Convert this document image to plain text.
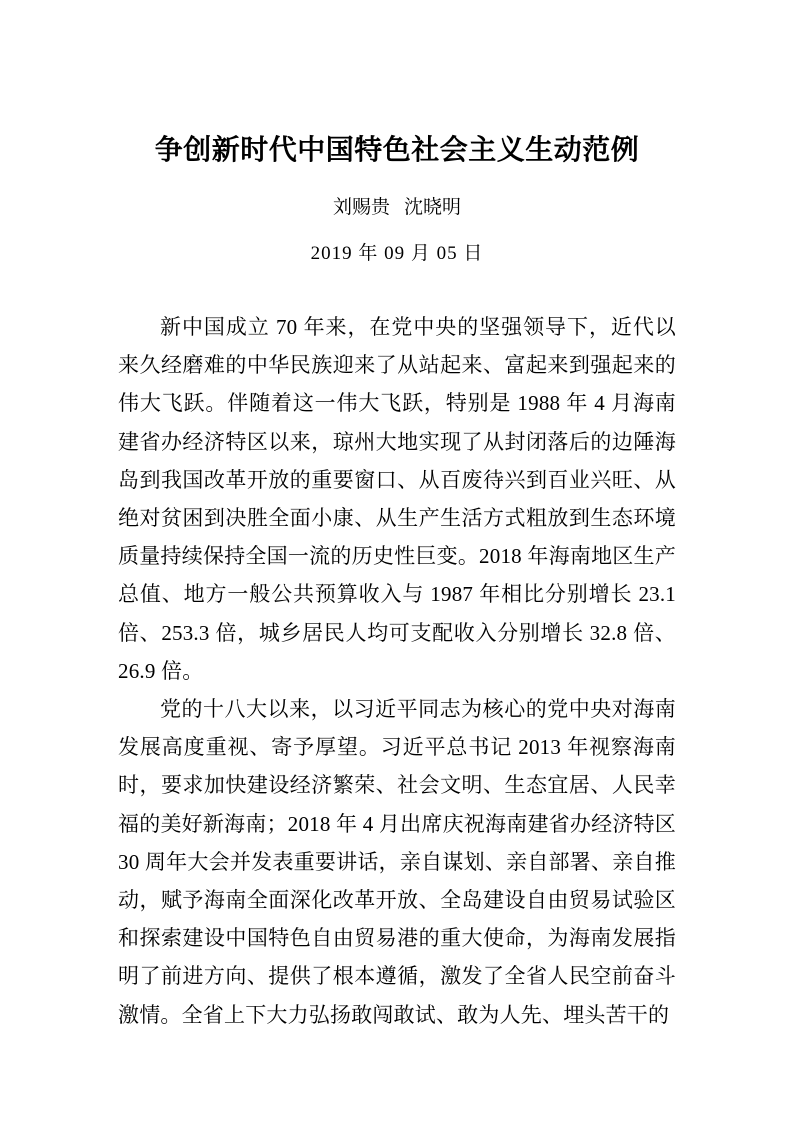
争创新时代中国特色社会主义生动范例
刘赐贵 沈晓明
2019 年 09 月 05 日

新中国成立 70 年来，在党中央的坚强领导下，近代以来久经磨难的中华民族迎来了从站起来、富起来到强起来的伟大飞跃。伴随着这一伟大飞跃，特别是 1988 年 4 月海南建省办经济特区以来，琼州大地实现了从封闭落后的边陲海岛到我国改革开放的重要窗口、从百废待兴到百业兴旺、从绝对贫困到决胜全面小康、从生产生活方式粗放到生态环境质量持续保持全国一流的历史性巨变。2018 年海南地区生产总值、地方一般公共预算收入与 1987 年相比分别增长 23.1 倍、253.3 倍，城乡居民人均可支配收入分别增长 32.8 倍、26.9 倍。

党的十八大以来，以习近平同志为核心的党中央对海南发展高度重视、寄予厚望。习近平总书记 2013 年视察海南时，要求加快建设经济繁荣、社会文明、生态宜居、人民幸福的美好新海南；2018 年 4 月出席庆祝海南建省办经济特区 30 周年大会并发表重要讲话，亲自谋划、亲自部署、亲自推动，赋予海南全面深化改革开放、全岛建设自由贸易试验区和探索建设中国特色自由贸易港的重大使命，为海南发展指明了前进方向、提供了根本遵循，激发了全省人民空前奋斗激情。全省上下大力弘扬敢闯敢试、敢为人先、埋头苦干的
